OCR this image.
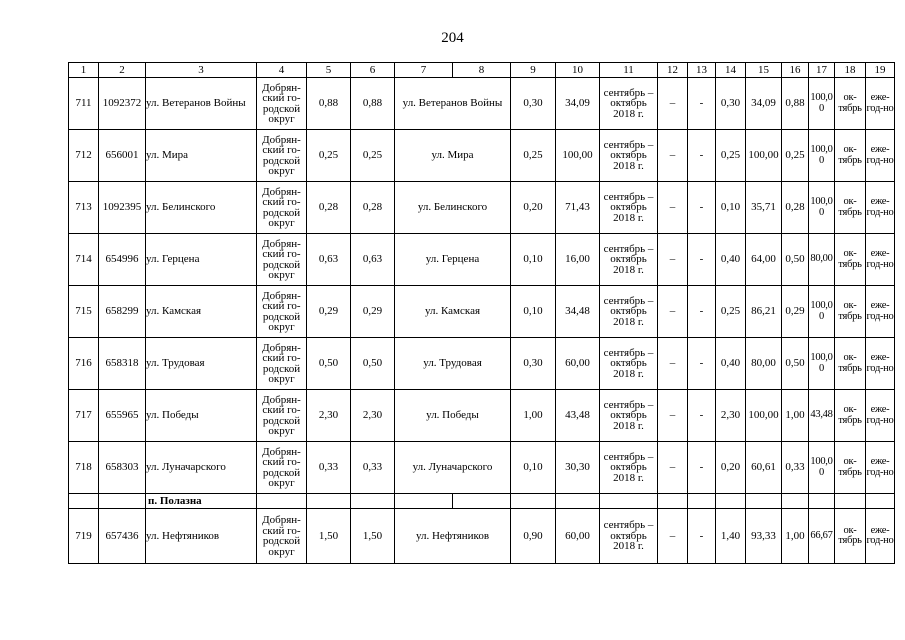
204
1	2	3	4	5	6	7	8	9	10	11	12	13	14	15	16	17	18	19
711	1092372	ул. Ветеранов Войны	Добрян-ский го-родской округ	0,88	0,88	ул. Ветеранов Войны		0,30	34,09	сентябрь – октябрь 2018 г.	–	-	0,30	34,09	0,88	100,0 0	ок-тябрь	еже-год-но
712	656001	ул. Мира	Добрян-ский го-родской округ	0,25	0,25	ул. Мира		0,25	100,00	сентябрь – октябрь 2018 г.	–	-	0,25	100,00	0,25	100,0 0	ок-тябрь	еже-год-но
713	1092395	ул. Белинского	Добрян-ский го-родской округ	0,28	0,28	ул. Белинского		0,20	71,43	сентябрь – октябрь 2018 г.	–	-	0,10	35,71	0,28	100,0 0	ок-тябрь	еже-год-но
714	654996	ул. Герцена	Добрян-ский го-родской округ	0,63	0,63	ул. Герцена		0,10	16,00	сентябрь – октябрь 2018 г.	–	-	0,40	64,00	0,50	80,00	ок-тябрь	еже-год-но
715	658299	ул. Камская	Добрян-ский го-родской округ	0,29	0,29	ул. Камская		0,10	34,48	сентябрь – октябрь 2018 г.	–	-	0,25	86,21	0,29	100,0 0	ок-тябрь	еже-год-но
716	658318	ул. Трудовая	Добрян-ский го-родской округ	0,50	0,50	ул. Трудовая		0,30	60,00	сентябрь – октябрь 2018 г.	–	-	0,40	80,00	0,50	100,0 0	ок-тябрь	еже-год-но
717	655965	ул. Победы	Добрян-ский го-родской округ	2,30	2,30	ул. Победы		1,00	43,48	сентябрь – октябрь 2018 г.	–	-	2,30	100,00	1,00	43,48	ок-тябрь	еже-год-но
718	658303	ул. Луначарского	Добрян-ский го-родской округ	0,33	0,33	ул. Луначарского		0,10	30,30	сентябрь – октябрь 2018 г.	–	-	0,20	60,61	0,33	100,0 0	ок-тябрь	еже-год-но
		п. Полазна																
719	657436	ул. Нефтяников	Добрян-ский го-родской округ	1,50	1,50	ул. Нефтяников		0,90	60,00	сентябрь – октябрь 2018 г.	–	-	1,40	93,33	1,00	66,67	ок-тябрь	еже-год-но
